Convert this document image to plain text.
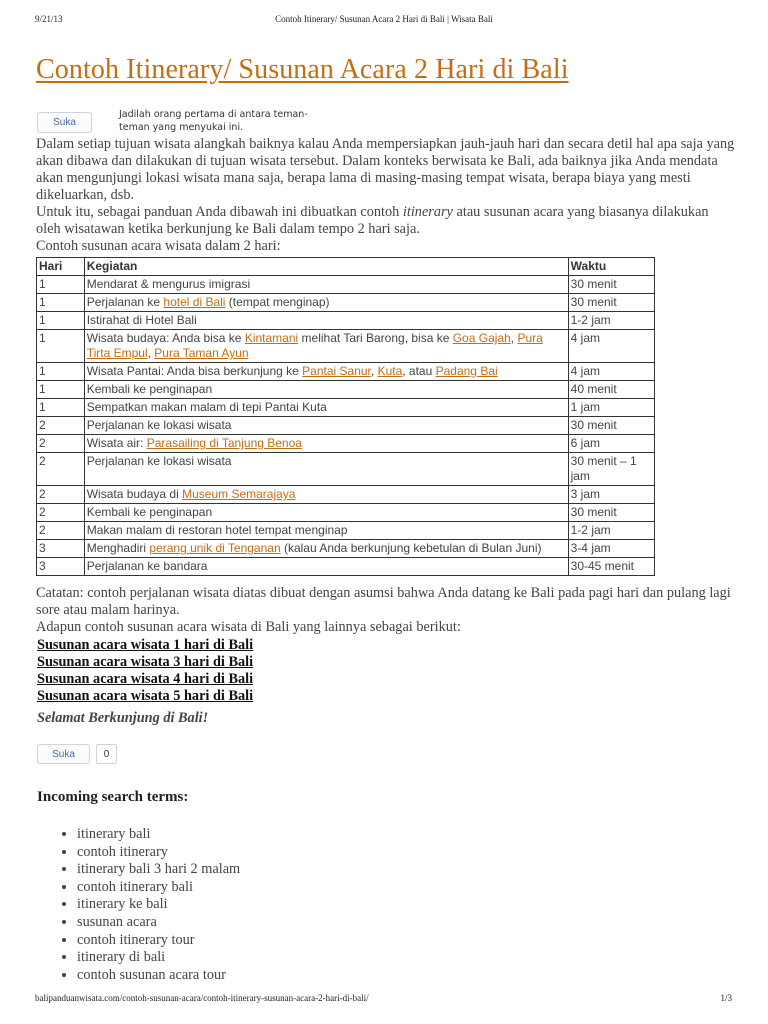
9/21/13	Contoh Itinerary/ Susunan Acara 2 Hari di Bali | Wisata Bali
Contoh Itinerary/ Susunan Acara 2 Hari di Bali
Suka
Jadilah orang pertama di antara teman-teman yang menyukai ini.

Dalam setiap tujuan wisata alangkah baiknya kalau Anda mempersiapkan jauh-jauh hari dan secara detil hal apa saja yang akan dibawa dan dilakukan di tujuan wisata tersebut. Dalam konteks berwisata ke Bali, ada baiknya jika Anda mendata akan mengunjungi lokasi wisata mana saja, berapa lama di masing-masing tempat wisata, berapa biaya yang mesti dikeluarkan, dsb.

Untuk itu, sebagai panduan Anda dibawah ini dibuatkan contoh itinerary atau susunan acara yang biasanya dilakukan oleh wisatawan ketika berkunjung ke Bali dalam tempo 2 hari saja.

Contoh susunan acara wisata dalam 2 hari:

Hari	Kegiatan	Waktu
1	Mendarat & mengurus imigrasi	30 menit
1	Perjalanan ke hotel di Bali (tempat menginap)	30 menit
1	Istirahat di Hotel Bali	1-2 jam
1	Wisata budaya: Anda bisa ke Kintamani melihat Tari Barong, bisa ke Goa Gajah, Pura Tirta Empul, Pura Taman Ayun	4 jam
1	Wisata Pantai: Anda bisa berkunjung ke Pantai Sanur, Kuta, atau Padang Bai	4 jam
1	Kembali ke penginapan	40 menit
1	Sempatkan makan malam di tepi Pantai Kuta	1 jam
2	Perjalanan ke lokasi wisata	30 menit
2	Wisata air: Parasailing di Tanjung Benoa	6 jam
2	Perjalanan ke lokasi wisata	30 menit – 1 jam
2	Wisata budaya di Museum Semarajaya	3 jam
2	Kembali ke penginapan	30 menit
2	Makan malam di restoran hotel tempat menginap	1-2 jam
3	Menghadiri perang unik di Tenganan (kalau Anda berkunjung kebetulan di Bulan Juni)	3-4 jam
3	Perjalanan ke bandara	30-45 menit

Catatan: contoh perjalanan wisata diatas dibuat dengan asumsi bahwa Anda datang ke Bali pada pagi hari dan pulang lagi sore atau malam harinya.

Adapun contoh susunan acara wisata di Bali yang lainnya sebagai berikut:

Susunan acara wisata 1 hari di Bali
Susunan acara wisata 3 hari di Bali
Susunan acara wisata 4 hari di Bali
Susunan acara wisata 5 hari di Bali
Selamat Berkunjung di Bali!
Suka	0
Incoming search terms:
• itinerary bali
• contoh itinerary
• itinerary bali 3 hari 2 malam
• contoh itinerary bali
• itinerary ke bali
• susunan acara
• contoh itinerary tour
• itinerary di bali
• contoh susunan acara tour
balipanduanwisata.com/contoh-susunan-acara/contoh-itinerary-susunan-acara-2-hari-di-bali/	1/3
